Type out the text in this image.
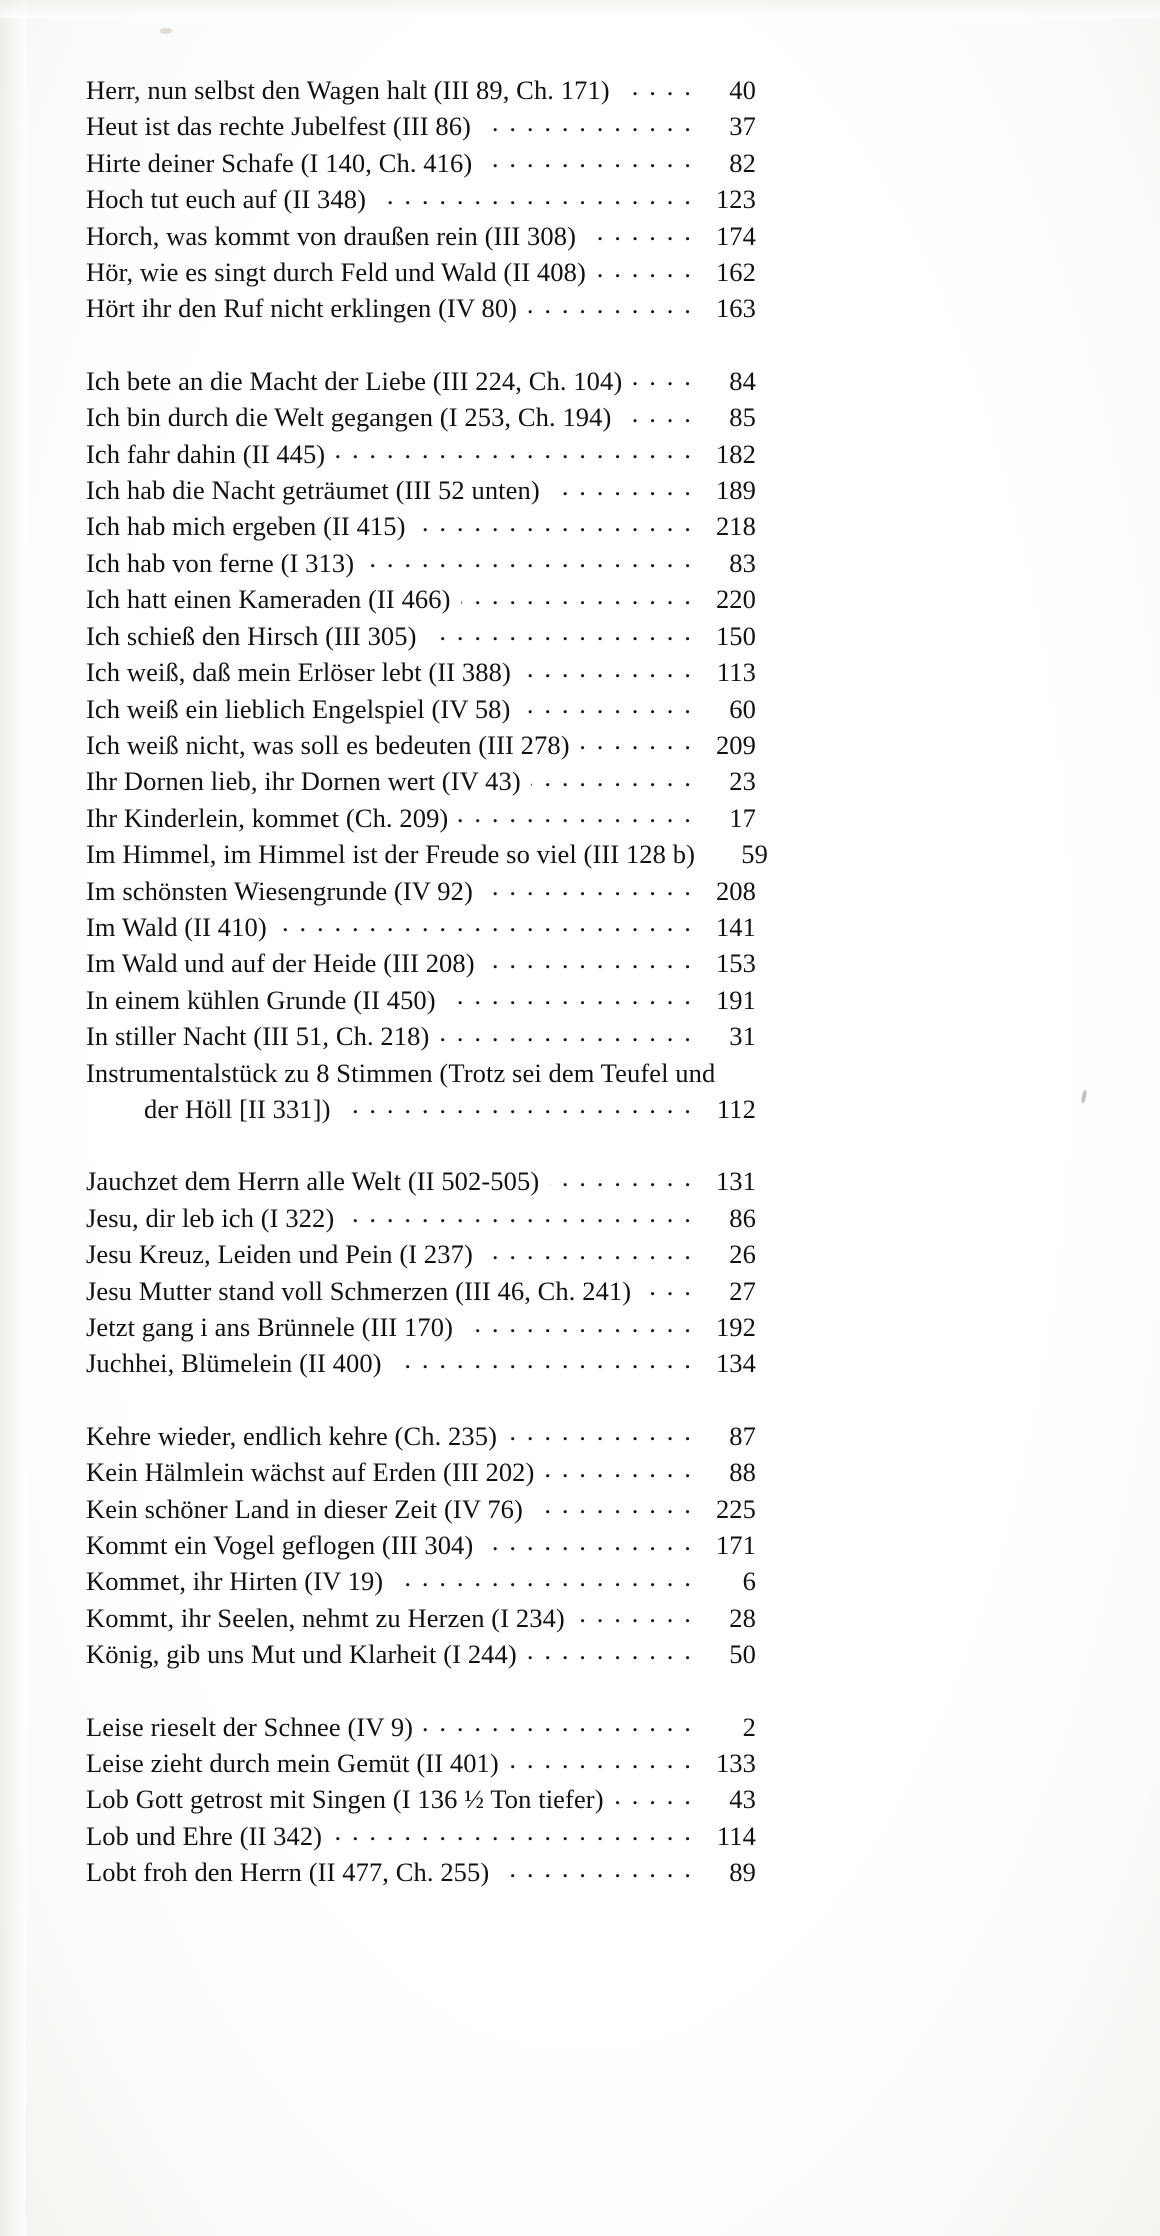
Herr, nun selbst den Wagen halt (III 89, Ch. 171) . . .	40
Heut ist das rechte Jubelfest (III 86) . . .	37
Hirte deiner Schafe (I 140, Ch. 416) . . .	82
Hoch tut euch auf (II 348) . . .	123
Horch, was kommt von draußen rein (III 308) . . .	174
Hör, wie es singt durch Feld und Wald (II 408) . . .	162
Hört ihr den Ruf nicht erklingen (IV 80) . . .	163
Ich bete an die Macht der Liebe (III 224, Ch. 104) . . .	84
Ich bin durch die Welt gegangen (I 253, Ch. 194) . . .	85
Ich fahr dahin (II 445) . . .	182
Ich hab die Nacht geträumet (III 52 unten) . . .	189
Ich hab mich ergeben (II 415) . . .	218
Ich hab von ferne (I 313) . . .	83
Ich hatt einen Kameraden (II 466) . . .	220
Ich schieß den Hirsch (III 305) . . .	150
Ich weiß, daß mein Erlöser lebt (II 388) . . .	113
Ich weiß ein lieblich Engelspiel (IV 58) . . .	60
Ich weiß nicht, was soll es bedeuten (III 278) . . .	209
Ihr Dornen lieb, ihr Dornen wert (IV 43) . . .	23
Ihr Kinderlein, kommet (Ch. 209) . . .	17
Im Himmel, im Himmel ist der Freude so viel (III 128 b)	59
Im schönsten Wiesengrunde (IV 92) . . .	208
Im Wald (II 410) . . .	141
Im Wald und auf der Heide (III 208) . . .	153
In einem kühlen Grunde (II 450) . . .	191
In stiller Nacht (III 51, Ch. 218) . . .	31
Instrumentalstück zu 8 Stimmen (Trotz sei dem Teufel und
der Höll [II 331]) . . .	112
Jauchzet dem Herrn alle Welt (II 502-505) . . .	131
Jesu, dir leb ich (I 322) . . .	86
Jesu Kreuz, Leiden und Pein (I 237) . . .	26
Jesu Mutter stand voll Schmerzen (III 46, Ch. 241) . . .	27
Jetzt gang i ans Brünnele (III 170) . . .	192
Juchhei, Blümelein (II 400) . . .	134
Kehre wieder, endlich kehre (Ch. 235) . . .	87
Kein Hälmlein wächst auf Erden (III 202) . . .	88
Kein schöner Land in dieser Zeit (IV 76) . . .	225
Kommt ein Vogel geflogen (III 304) . . .	171
Kommet, ihr Hirten (IV 19) . . .	6
Kommt, ihr Seelen, nehmt zu Herzen (I 234) . . .	28
König, gib uns Mut und Klarheit (I 244) . . .	50
Leise rieselt der Schnee (IV 9) . . .	2
Leise zieht durch mein Gemüt (II 401) . . .	133
Lob Gott getrost mit Singen (I 136 ½ Ton tiefer) . . .	43
Lob und Ehre (II 342) . . .	114
Lobt froh den Herrn (II 477, Ch. 255) . . .	89
